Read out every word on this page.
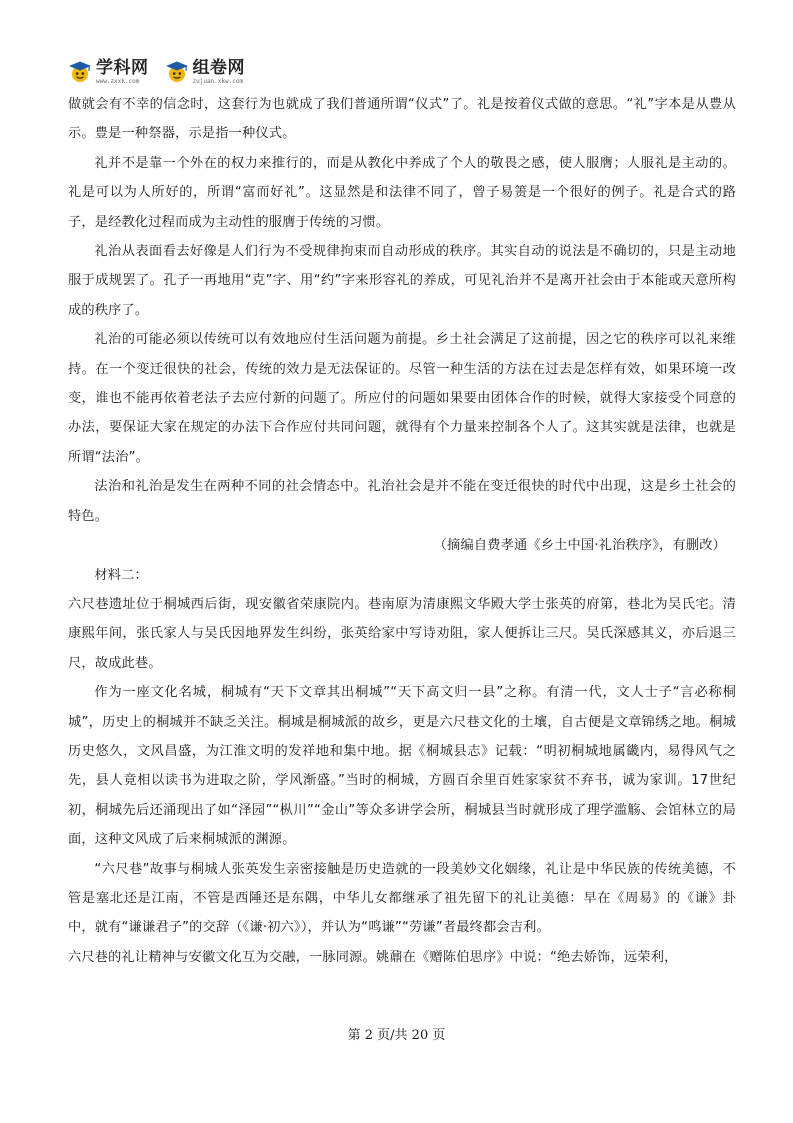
学科网
www.zxxk.com
组卷网
zujuan.xkw.com

做就会有不幸的信念时，这套行为也就成了我们普通所谓“仪式”了。礼是按着仪式做的意思。“礼”字本是从豊从示。豊是一种祭器，示是指一种仪式。

礼并不是靠一个外在的权力来推行的，而是从教化中养成了个人的敬畏之感，使人服膺；人服礼是主动的。礼是可以为人所好的，所谓“富而好礼”。这显然是和法律不同了，曾子易箦是一个很好的例子。礼是合式的路子，是经教化过程而成为主动性的服膺于传统的习惯。

礼治从表面看去好像是人们行为不受规律拘束而自动形成的秩序。其实自动的说法是不确切的，只是主动地服于成规罢了。孔子一再地用“克”字、用“约”字来形容礼的养成，可见礼治并不是离开社会由于本能或天意所构成的秩序了。

礼治的可能必须以传统可以有效地应付生活问题为前提。乡土社会满足了这前提，因之它的秩序可以礼来维持。在一个变迁很快的社会，传统的效力是无法保证的。尽管一种生活的方法在过去是怎样有效，如果环境一改变，谁也不能再依着老法子去应付新的问题了。所应付的问题如果要由团体合作的时候，就得大家接受个同意的办法，要保证大家在规定的办法下合作应付共同问题，就得有个力量来控制各个人了。这其实就是法律，也就是所谓“法治”。

法治和礼治是发生在两种不同的社会情态中。礼治社会是并不能在变迁很快的时代中出现，这是乡土社会的特色。

（摘编自费孝通《乡土中国·礼治秩序》，有删改）

材料二：

六尺巷遗址位于桐城西后街，现安徽省荣康院内。巷南原为清康熙文华殿大学士张英的府第，巷北为吴氏宅。清康熙年间，张氏家人与吴氏因地界发生纠纷，张英给家中写诗劝阻，家人便拆让三尺。吴氏深感其义，亦后退三尺，故成此巷。

作为一座文化名城，桐城有“天下文章其出桐城”“天下高文归一县”之称。有清一代，文人士子“言必称桐城”，历史上的桐城并不缺乏关注。桐城是桐城派的故乡，更是六尺巷文化的土壤，自古便是文章锦绣之地。桐城历史悠久，文风昌盛，为江淮文明的发祥地和集中地。据《桐城县志》记载：“明初桐城地属畿内，易得风气之先，县人竟相以读书为进取之阶，学风渐盛。”当时的桐城，方圆百余里百姓家家贫不弃书，诚为家训。17世纪初，桐城先后还涌现出了如“泽园”“枞川”“金山”等众多讲学会所，桐城县当时就形成了理学滥觞、会馆林立的局面，这种文风成了后来桐城派的渊源。

“六尺巷”故事与桐城人张英发生亲密接触是历史造就的一段美妙文化姻缘，礼让是中华民族的传统美德，不管是塞北还是江南，不管是西陲还是东隅，中华儿女都继承了祖先留下的礼让美德：早在《周易》的《谦》卦中，就有“谦谦君子”的交辞（《谦·初六》），并认为“鸣谦”“劳谦”者最终都会吉利。

六尺巷的礼让精神与安徽文化互为交融，一脉同源。姚鼐在《赠陈伯思序》中说：“绝去娇饰，远荣利，

第 2 页/共 20 页
